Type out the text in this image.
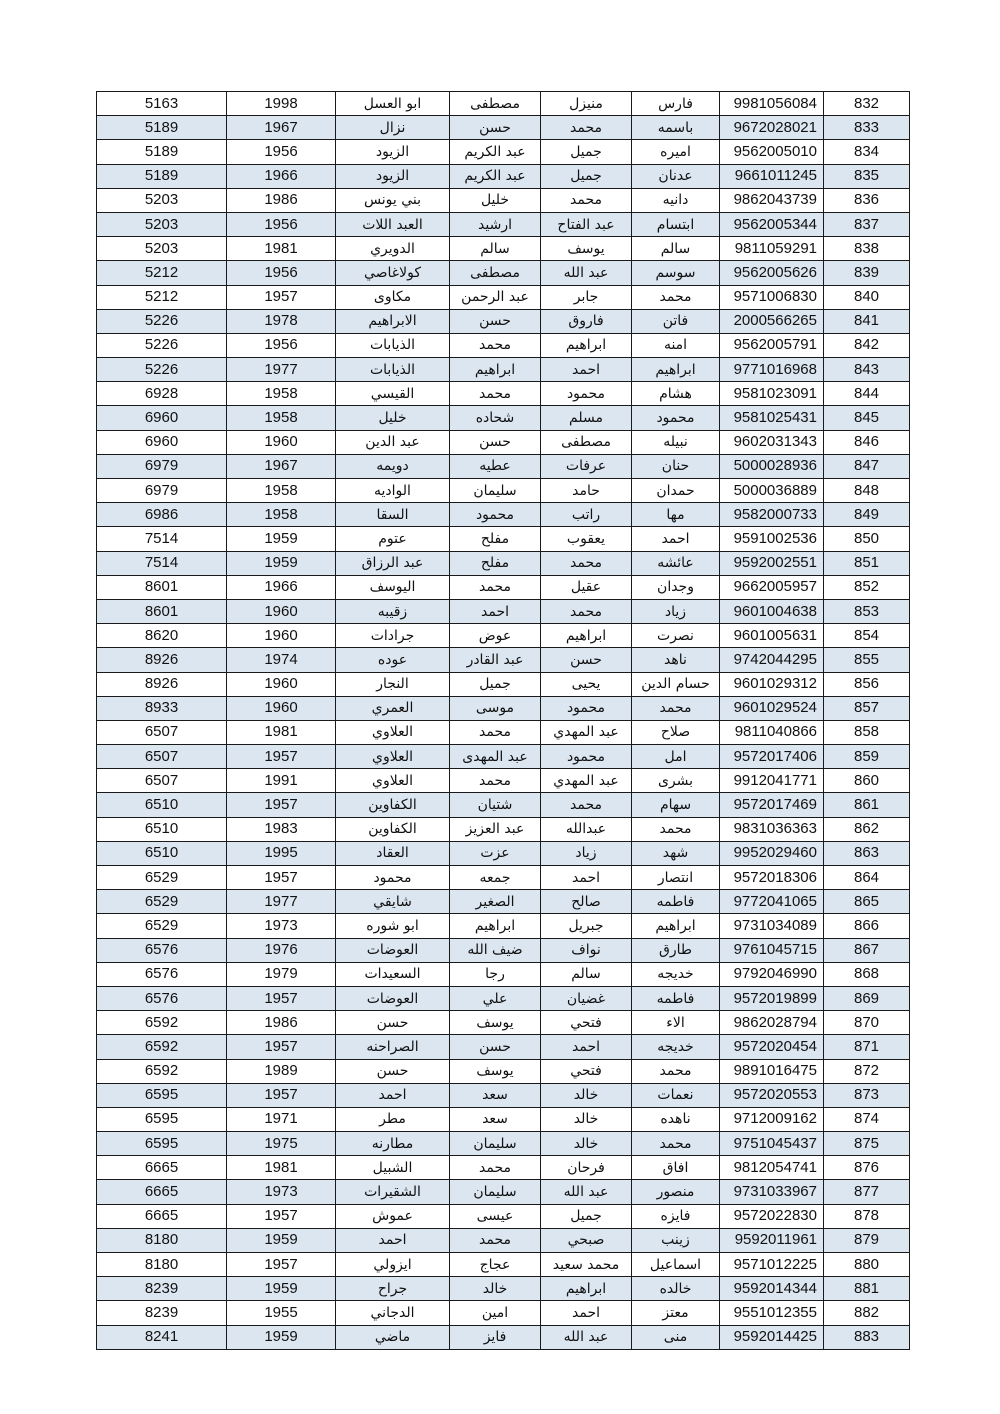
5163	1998	ابو العسل	مصطفى	منيزل	فارس	9981056084	832
5189	1967	نزال	حسن	محمد	باسمه	9672028021	833
5189	1956	الزيود	عبد الكريم	جميل	اميره	9562005010	834
5189	1966	الزيود	عبد الكريم	جميل	عدنان	9661011245	835
5203	1986	بني يونس	خليل	محمد	دانيه	9862043739	836
5203	1956	العبد اللات	ارشيد	عبد الفتاح	ابتسام	9562005344	837
5203	1981	الدويري	سالم	يوسف	سالم	9811059291	838
5212	1956	كولاغاصي	مصطفى	عبد الله	سوسم	9562005626	839
5212	1957	مكاوى	عبد الرحمن	جابر	محمد	9571006830	840
5226	1978	الابراهيم	حسن	فاروق	فاتن	2000566265	841
5226	1956	الذيابات	محمد	ابراهيم	امنه	9562005791	842
5226	1977	الذيابات	ابراهيم	احمد	ابراهيم	9771016968	843
6928	1958	القيسي	محمد	محمود	هشام	9581023091	844
6960	1958	خليل	شحاده	مسلم	محمود	9581025431	845
6960	1960	عبد الدين	حسن	مصطفى	نبيله	9602031343	846
6979	1967	دويمه	عطيه	عرفات	حنان	5000028936	847
6979	1958	الواديه	سليمان	حامد	حمدان	5000036889	848
6986	1958	السقا	محمود	راتب	مها	9582000733	849
7514	1959	عتوم	مفلح	يعقوب	احمد	9591002536	850
7514	1959	عبد الرزاق	مفلح	محمد	عائشه	9592002551	851
8601	1966	اليوسف	محمد	عقيل	وجدان	9662005957	852
8601	1960	زقيبه	احمد	محمد	زياد	9601004638	853
8620	1960	جرادات	عوض	ابراهيم	نصرت	9601005631	854
8926	1974	عوده	عبد القادر	حسن	ناهد	9742044295	855
8926	1960	النجار	جميل	يحيى	حسام الدين	9601029312	856
8933	1960	العمري	موسى	محمود	محمد	9601029524	857
6507	1981	العلاوي	محمد	عبد المهدي	صلاح	9811040866	858
6507	1957	العلاوي	عبد المهدى	محمود	امل	9572017406	859
6507	1991	العلاوي	محمد	عبد المهدي	بشرى	9912041771	860
6510	1957	الكفاوين	شتيان	محمد	سهام	9572017469	861
6510	1983	الكفاوين	عبد العزيز	عبدالله	محمد	9831036363	862
6510	1995	العقاد	عزت	زياد	شهد	9952029460	863
6529	1957	محمود	جمعه	احمد	انتصار	9572018306	864
6529	1977	شايقي	الصغير	صالح	فاطمه	9772041065	865
6529	1973	ابو شوره	ابراهيم	جبريل	ابراهيم	9731034089	866
6576	1976	العوضات	ضيف الله	نواف	طارق	9761045715	867
6576	1979	السعيدات	رجا	سالم	خديجه	9792046990	868
6576	1957	العوضات	علي	غضيان	فاطمه	9572019899	869
6592	1986	حسن	يوسف	فتحي	الاء	9862028794	870
6592	1957	الصراحنه	حسن	احمد	خديجه	9572020454	871
6592	1989	حسن	يوسف	فتحي	محمد	9891016475	872
6595	1957	احمد	سعد	خالد	نعمات	9572020553	873
6595	1971	مطر	سعد	خالد	ناهده	9712009162	874
6595	1975	مطارنه	سليمان	خالد	محمد	9751045437	875
6665	1981	الشبيل	محمد	فرحان	افاق	9812054741	876
6665	1973	الشقيرات	سليمان	عبد الله	منصور	9731033967	877
6665	1957	عموش	عيسى	جميل	فايزه	9572022830	878
8180	1959	احمد	محمد	صبحي	زينب	9592011961	879
8180	1957	ايزولي	عجاج	محمد سعيد	اسماعيل	9571012225	880
8239	1959	جراح	خالد	ابراهيم	خالده	9592014344	881
8239	1955	الدجاني	امين	احمد	معتز	9551012355	882
8241	1959	ماضي	فايز	عبد الله	منى	9592014425	883
